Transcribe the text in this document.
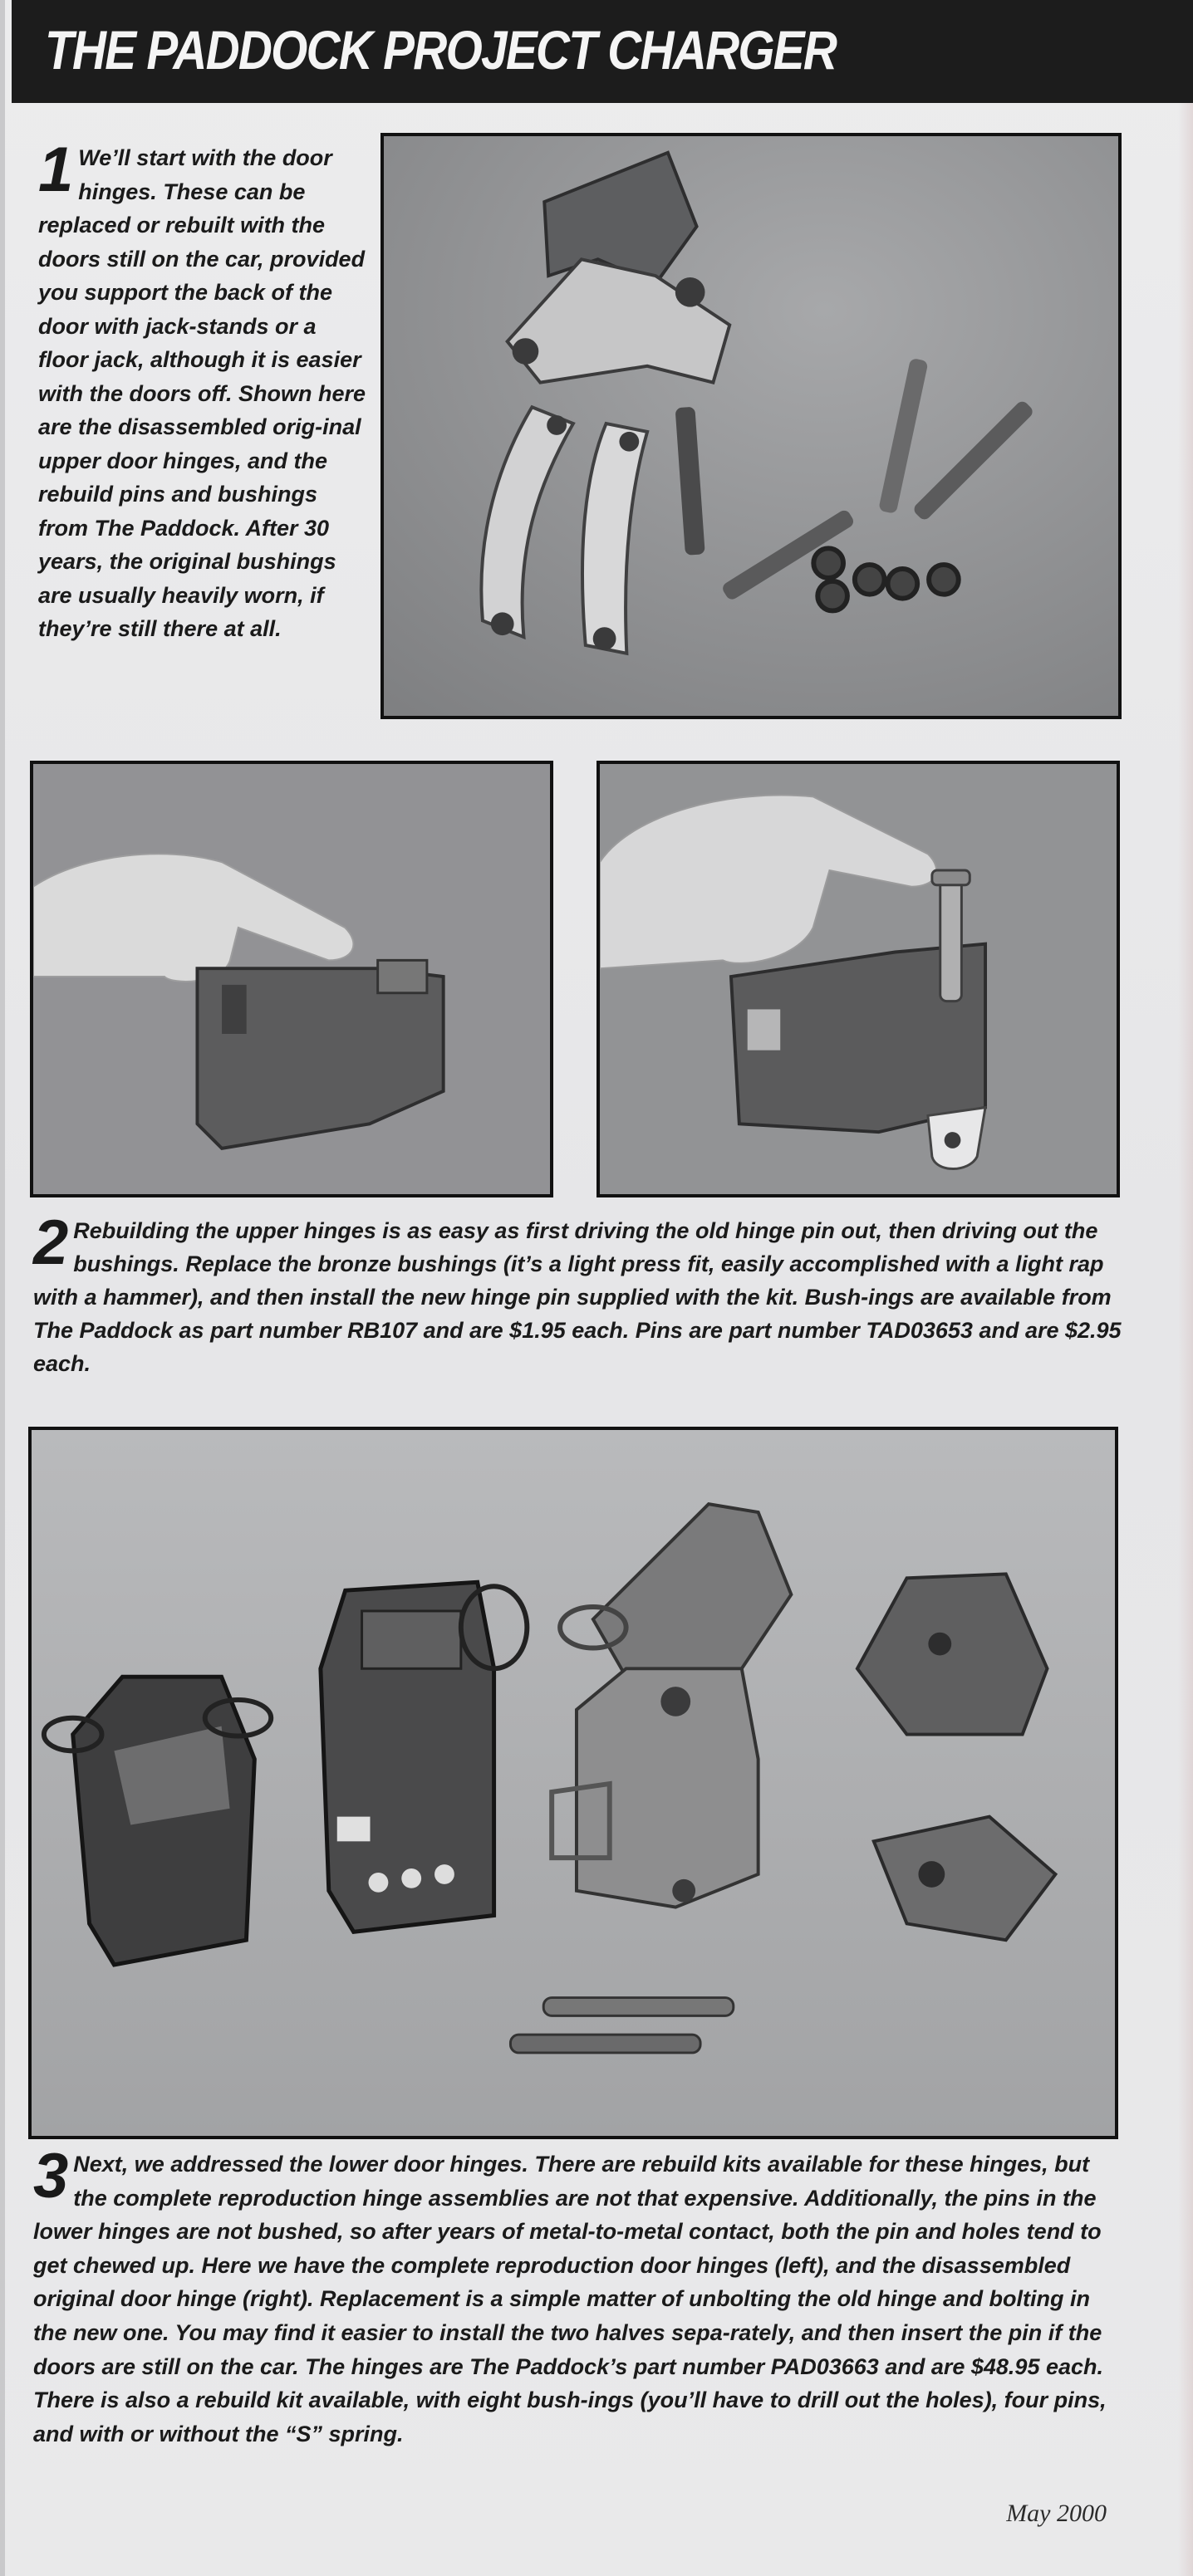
THE PADDOCK PROJECT CHARGER
1 We’ll start with the door hinges. These can be replaced or rebuilt with the doors still on the car, provided you support the back of the door with jack-stands or a floor jack, although it is easier with the doors off. Shown here are the disassembled orig-inal upper door hinges, and the rebuild pins and bushings from The Paddock. After 30 years, the original bushings are usually heavily worn, if they’re still there at all.
2 Rebuilding the upper hinges is as easy as first driving the old hinge pin out, then driving out the bushings. Replace the bronze bushings (it’s a light press fit, easily accomplished with a light rap with a hammer), and then install the new hinge pin supplied with the kit. Bush-ings are available from The Paddock as part number RB107 and are $1.95 each. Pins are part number TAD03653 and are $2.95 each.
3 Next, we addressed the lower door hinges. There are rebuild kits available for these hinges, but the complete reproduction hinge assemblies are not that expensive. Additionally, the pins in the lower hinges are not bushed, so after years of metal-to-metal contact, both the pin and holes tend to get chewed up. Here we have the complete reproduction door hinges (left), and the disassembled original door hinge (right). Replacement is a simple matter of unbolting the old hinge and bolting in the new one. You may find it easier to install the two halves sepa-rately, and then insert the pin if the doors are still on the car. The hinges are The Paddock’s part number PAD03663 and are $48.95 each. There is also a rebuild kit available, with eight bush-ings (you’ll have to drill out the holes), four pins, and with or without the “S” spring.
May 2000
